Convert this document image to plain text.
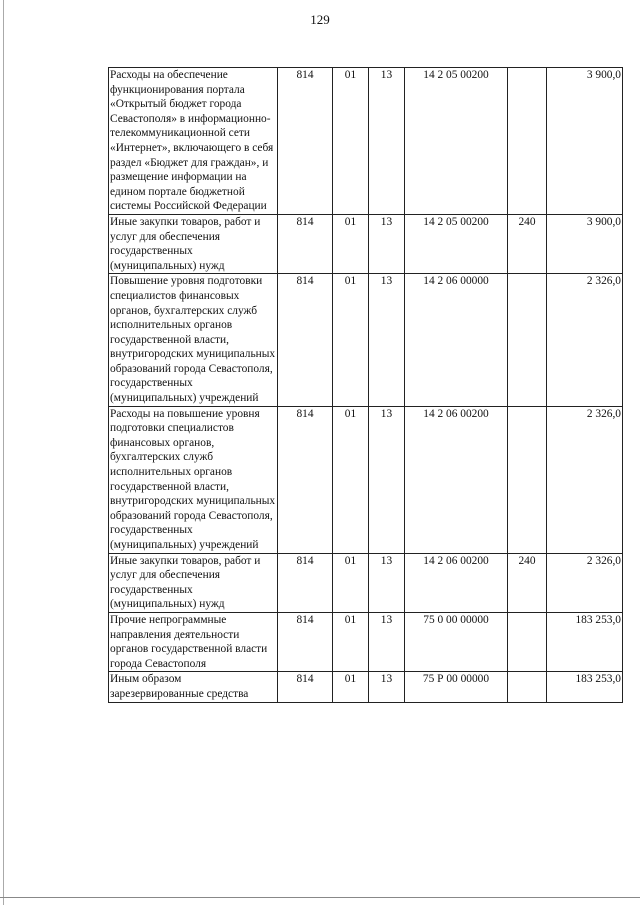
129
Расходы на обеспечение функционирования портала «Открытый бюджет города Севастополя» в информационно-телекоммуникационной сети «Интернет», включающего в себя раздел «Бюджет для граждан», и размещение информации на едином портале бюджетной системы Российской Федерации	814	01	13	14 2 05 00200		3 900,0
Иные закупки товаров, работ и услуг для обеспечения государственных (муниципальных) нужд	814	01	13	14 2 05 00200	240	3 900,0
Повышение уровня подготовки специалистов финансовых органов, бухгалтерских служб исполнительных органов государственной власти, внутригородских муниципальных образований города Севастополя, государственных (муниципальных) учреждений	814	01	13	14 2 06 00000		2 326,0
Расходы на повышение уровня подготовки специалистов финансовых органов, бухгалтерских служб исполнительных органов государственной власти, внутригородских муниципальных образований города Севастополя, государственных (муниципальных) учреждений	814	01	13	14 2 06 00200		2 326,0
Иные закупки товаров, работ и услуг для обеспечения государственных (муниципальных) нужд	814	01	13	14 2 06 00200	240	2 326,0
Прочие непрограммные направления деятельности органов государственной власти города Севастополя	814	01	13	75 0 00 00000		183 253,0
Иным образом зарезервированные средства	814	01	13	75 Р 00 00000		183 253,0
